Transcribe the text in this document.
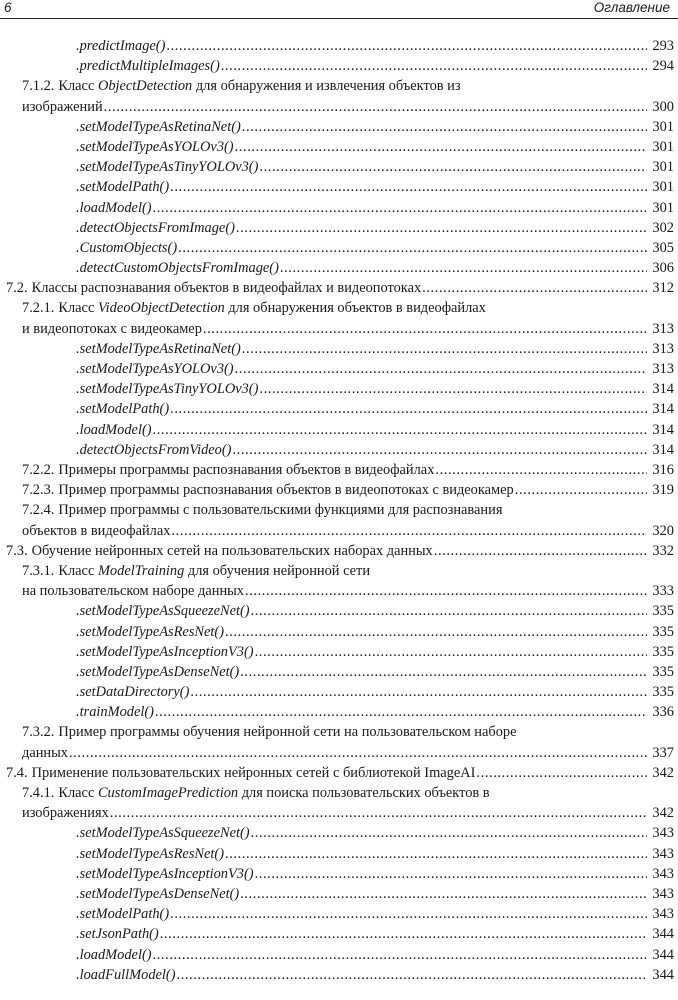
6	Оглавление
.predictImage() .....	293
.predictMultipleImages() .....	294
7.1.2. Класс ObjectDetection для обнаружения и извлечения объектов из
изображений .....	300
.setModelTypeAsRetinaNet() .....	301
.setModelTypeAsYOLOv3() .....	301
.setModelTypeAsTinyYOLOv3() .....	301
.setModelPath() .....	301
.loadModel() .....	301
.detectObjectsFromImage() .....	302
.CustomObjects() .....	305
.detectCustomObjectsFromImage() .....	306
7.2. Классы распознавания объектов в видеофайлах и видеопотоках .....	312
7.2.1. Класс VideoObjectDetection для обнаружения объектов в видеофайлах
и видеопотоках с видеокамер .....	313
.setModelTypeAsRetinaNet() .....	313
.setModelTypeAsYOLOv3() .....	313
.setModelTypeAsTinyYOLOv3() .....	314
.setModelPath() .....	314
.loadModel() .....	314
.detectObjectsFromVideo() .....	314
7.2.2. Примеры программы распознавания объектов в видеофайлах .....	316
7.2.3. Пример программы распознавания объектов в видеопотоках с видеокамер .....	319
7.2.4. Пример программы с пользовательскими функциями для распознавания
объектов в видеофайлах .....	320
7.3. Обучение нейронных сетей на пользовательских наборах данных .....	332
7.3.1. Класс ModelTraining для обучения нейронной сети
на пользовательском наборе данных .....	333
.setModelTypeAsSqueezeNet() .....	335
.setModelTypeAsResNet() .....	335
.setModelTypeAsInceptionV3() .....	335
.setModelTypeAsDenseNet() .....	335
.setDataDirectory() .....	335
.trainModel() .....	336
7.3.2. Пример программы обучения нейронной сети на пользовательском наборе
данных .....	337
7.4. Применение пользовательских нейронных сетей с библиотекой ImageAI .....	342
7.4.1. Класс CustomImagePrediction для поиска пользовательских объектов в
изображениях .....	342
.setModelTypeAsSqueezeNet() .....	343
.setModelTypeAsResNet() .....	343
.setModelTypeAsInceptionV3() .....	343
.setModelTypeAsDenseNet() .....	343
.setModelPath() .....	343
.setJsonPath() .....	344
.loadModel() .....	344
.loadFullModel() .....	344
